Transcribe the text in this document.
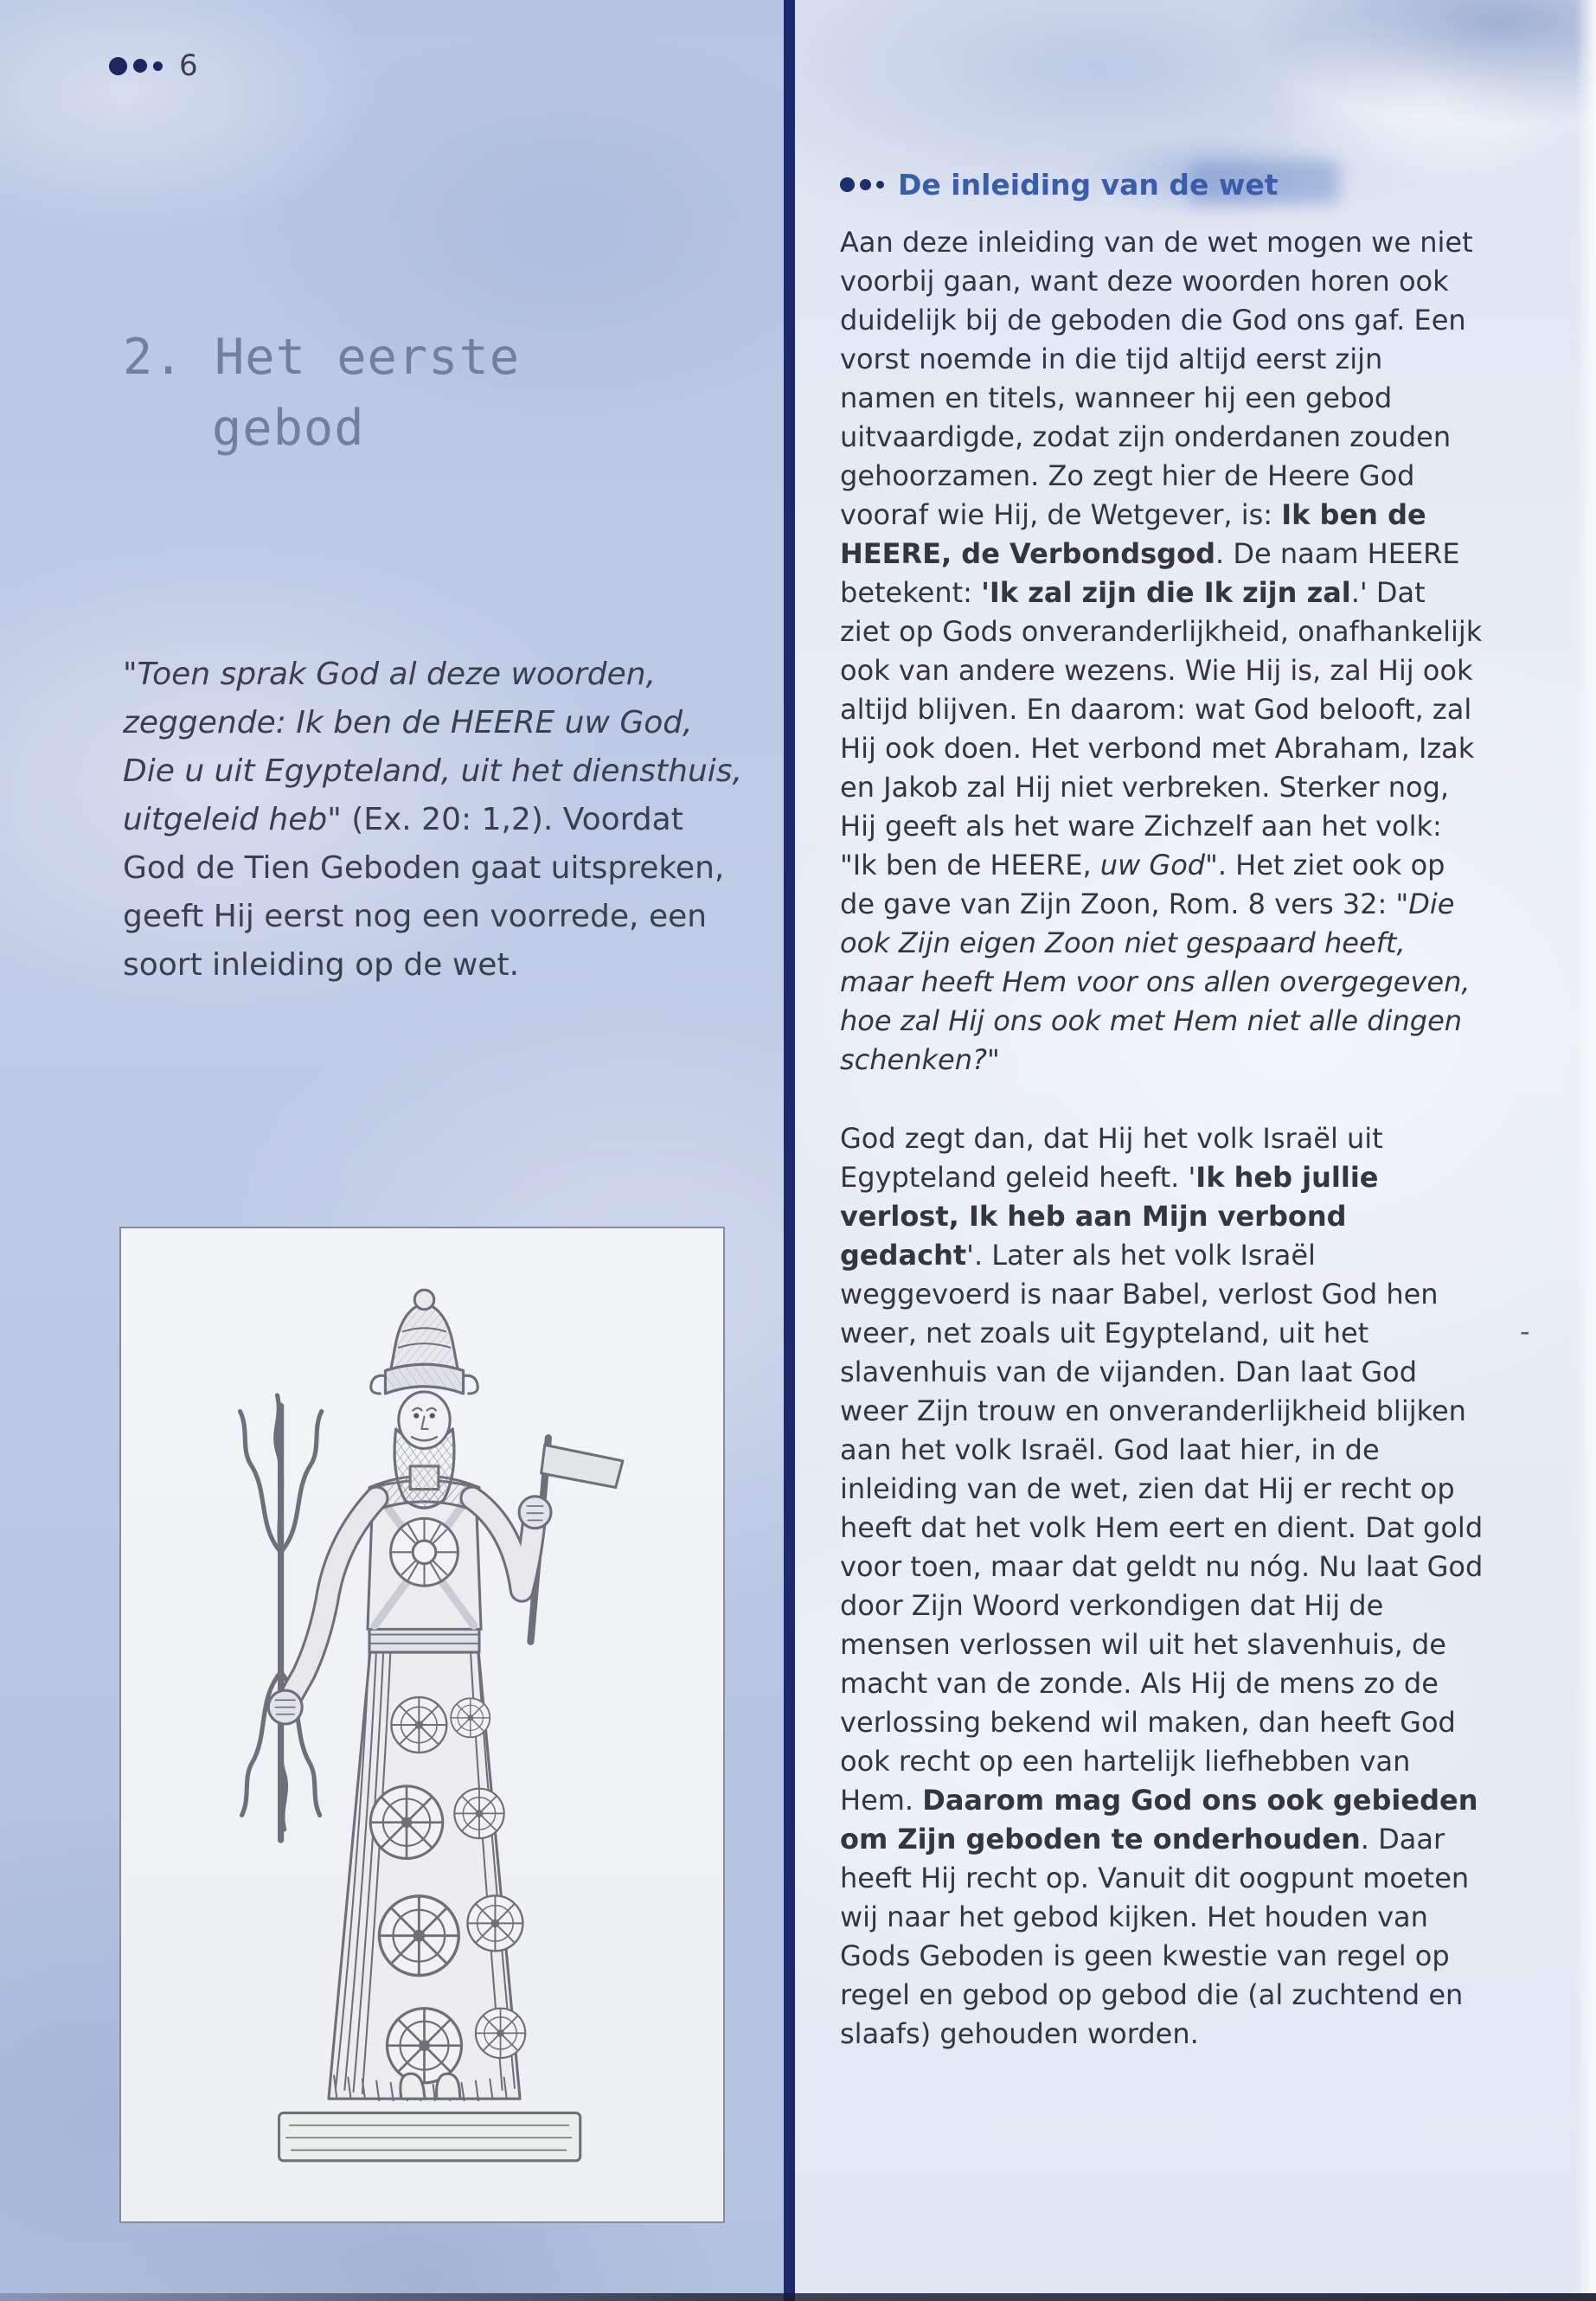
6
2. Het eerste
gebod

"Toen sprak God al deze woorden, zeggende: Ik ben de HEERE uw God, Die u uit Egypteland, uit het diensthuis, uitgeleid heb" (Ex. 20: 1,2). Voordat God de Tien Geboden gaat uitspreken, geeft Hij eerst nog een voorrede, een soort inleiding op de wet.

De inleiding van de wet

Aan deze inleiding van de wet mogen we niet voorbij gaan, want deze woorden horen ook duidelijk bij de geboden die God ons gaf. Een vorst noemde in die tijd altijd eerst zijn namen en titels, wanneer hij een gebod uitvaardigde, zodat zijn onderdanen zouden gehoorzamen. Zo zegt hier de Heere God vooraf wie Hij, de Wetgever, is: Ik ben de HEERE, de Verbondsgod. De naam HEERE betekent: 'Ik zal zijn die Ik zijn zal.' Dat ziet op Gods onveranderlijkheid, onafhankelijk ook van andere wezens. Wie Hij is, zal Hij ook altijd blijven. En daarom: wat God belooft, zal Hij ook doen. Het verbond met Abraham, Izak en Jakob zal Hij niet verbreken. Sterker nog, Hij geeft als het ware Zichzelf aan het volk: "Ik ben de HEERE, uw God". Het ziet ook op de gave van Zijn Zoon, Rom. 8 vers 32: "Die ook Zijn eigen Zoon niet gespaard heeft, maar heeft Hem voor ons allen overgegeven, hoe zal Hij ons ook met Hem niet alle dingen schenken?"

God zegt dan, dat Hij het volk Israël uit Egypteland geleid heeft. 'Ik heb jullie verlost, Ik heb aan Mijn verbond gedacht'. Later als het volk Israël weggevoerd is naar Babel, verlost God hen weer, net zoals uit Egypteland, uit het slavenhuis van de vijanden. Dan laat God weer Zijn trouw en onveranderlijkheid blijken aan het volk Israël. God laat hier, in de inleiding van de wet, zien dat Hij er recht op heeft dat het volk Hem eert en dient. Dat gold voor toen, maar dat geldt nu nóg. Nu laat God door Zijn Woord verkondigen dat Hij de mensen verlossen wil uit het slavenhuis, de macht van de zonde. Als Hij de mens zo de verlossing bekend wil maken, dan heeft God ook recht op een hartelijk liefhebben van Hem. Daarom mag God ons ook gebieden om Zijn geboden te onderhouden. Daar heeft Hij recht op. Vanuit dit oogpunt moeten wij naar het gebod kijken. Het houden van Gods Geboden is geen kwestie van regel op regel en gebod op gebod die (al zuchtend en slaafs) gehouden worden.

-
